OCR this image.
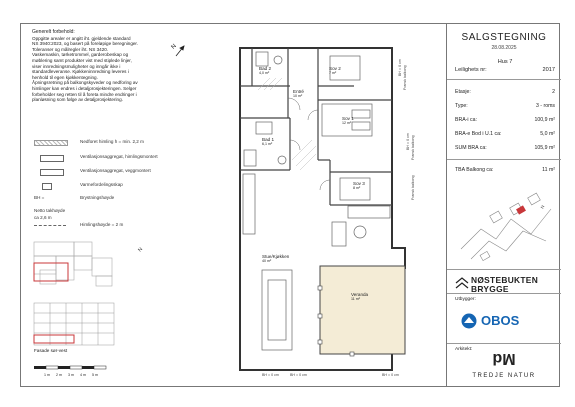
Generelt forbehold:
Oppgitte arealer er angitt iht. gjeldende standard
NS 3940:2023, og basert på foreløpige beregninger.
Toleranser og målregler iht. NS 3420.
Vaskemaskin, tørketrommel, garderobeskap og
møblering samt produkter vist med stiplede linjer,
viser innredningsmuligheter og inngår ikke i
standardleveranse. Kjøkkeninnredning leveres i
henhold til egen kjøkkentegning.
Åpningsretning på balkongskyveder og nedforing av
himlinger kan endres i detaljprosjekteringen. Selger
forbeholder seg retten til å foreta mindre endringer i
planløsning som følge av detaljprosjektering.
Nedforet himling h = min. 2,2 m
Ventilasjonsaggregat, himlingsmontert
Ventilasjonsaggregat, veggmontert
Varmefordelingsskap
BH =	Brystningshøyde
Netto takhøyde
ca 2,6 m
Himlingshøyde = 2 m
N
Bad 2
4,0 m²
Sov 2
7 m²
Entré
10 m²
Bad 1
6,1 m²
Sov 1
12 m²
Sov 3
8 m²
Stue/Kjøkken
40 m²
Veranda
11 m²
BH = 0 cm	BH = 0 cm	BH = 0 cm
BH = 0 cm
BH = 0 cm
Fransk balkong
Fransk balkong
Fransk balkong
Fasade sør-vest
1 m 2 m 3 m 4 m 5 m
N
SALGSTEGNING
28.08.2025
Hus 7
Leilighets nr:	2017
Etasje:	2
Type:	3 - roms
BRA-i ca:	100,9 m²
BRA-e Bod i U.1 ca:	5,0 m²
SUM BRA ca:	105,9 m²
TBA Balkong ca:	11 m²
N
NØSTEBUKTEN
BRYGGE
Utbygger:
OBOS
Arkitekt:
Md
TREDJE NATUR
